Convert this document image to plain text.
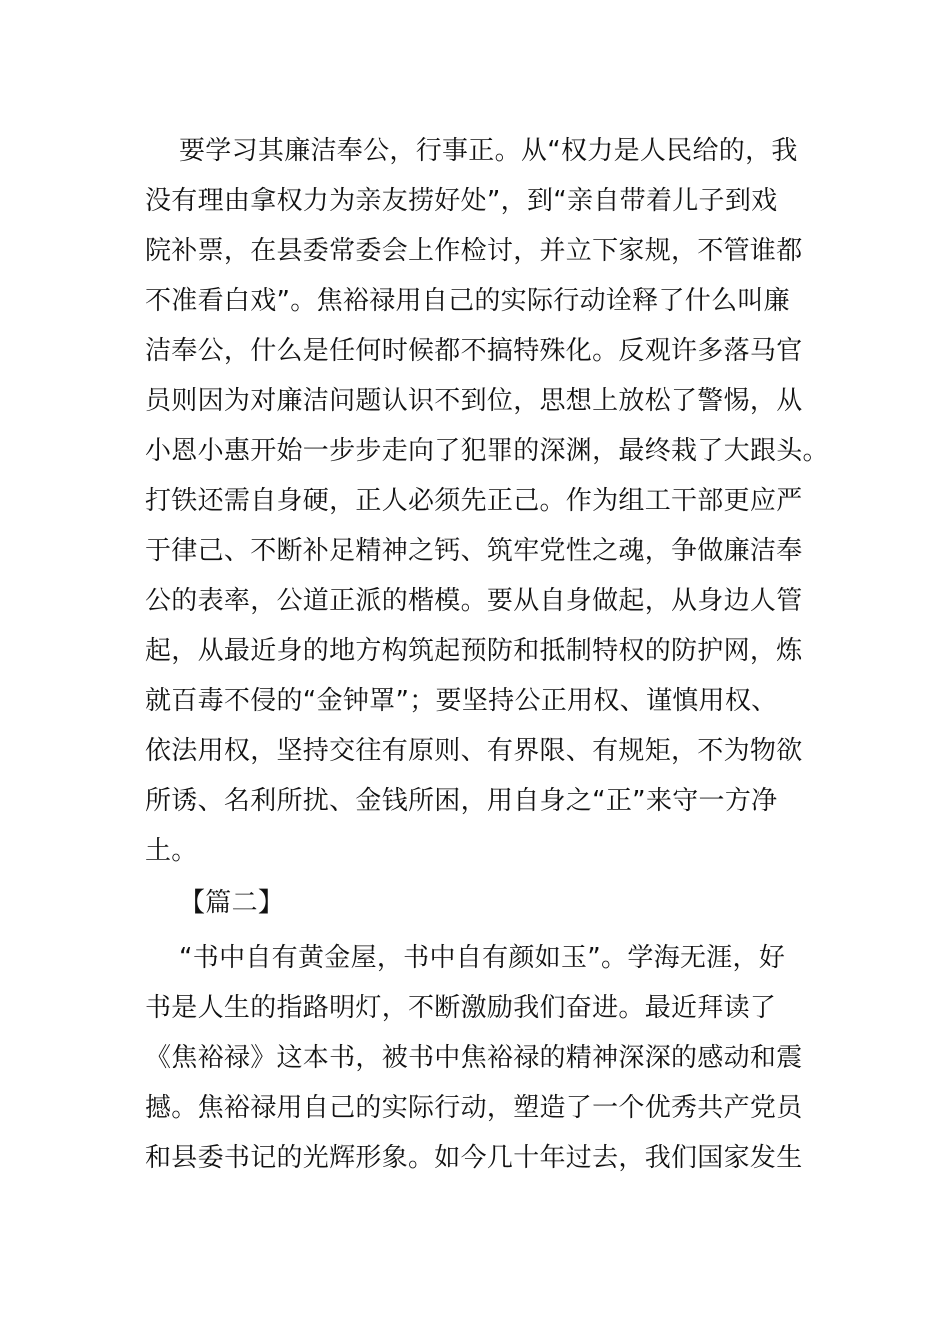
要学习其廉洁奉公，行事正。从“权力是人民给的，我
没有理由拿权力为亲友捞好处”，到“亲自带着儿子到戏
院补票，在县委常委会上作检讨，并立下家规，不管谁都
不准看白戏”。焦裕禄用自己的实际行动诠释了什么叫廉
洁奉公，什么是任何时候都不搞特殊化。反观许多落马官
员则因为对廉洁问题认识不到位，思想上放松了警惕，从
小恩小惠开始一步步走向了犯罪的深渊，最终栽了大跟头。
打铁还需自身硬，正人必须先正己。作为组工干部更应严
于律己、不断补足精神之钙、筑牢党性之魂，争做廉洁奉
公的表率，公道正派的楷模。要从自身做起，从身边人管
起，从最近身的地方构筑起预防和抵制特权的防护网，炼
就百毒不侵的“金钟罩”；要坚持公正用权、谨慎用权、
依法用权，坚持交往有原则、有界限、有规矩，不为物欲
所诱、名利所扰、金钱所困，用自身之“正”来守一方净
土。
【篇二】
“书中自有黄金屋，书中自有颜如玉”。学海无涯，好
书是人生的指路明灯，不断激励我们奋进。最近拜读了
《焦裕禄》这本书，被书中焦裕禄的精神深深的感动和震
撼。焦裕禄用自己的实际行动，塑造了一个优秀共产党员
和县委书记的光辉形象。如今几十年过去，我们国家发生
